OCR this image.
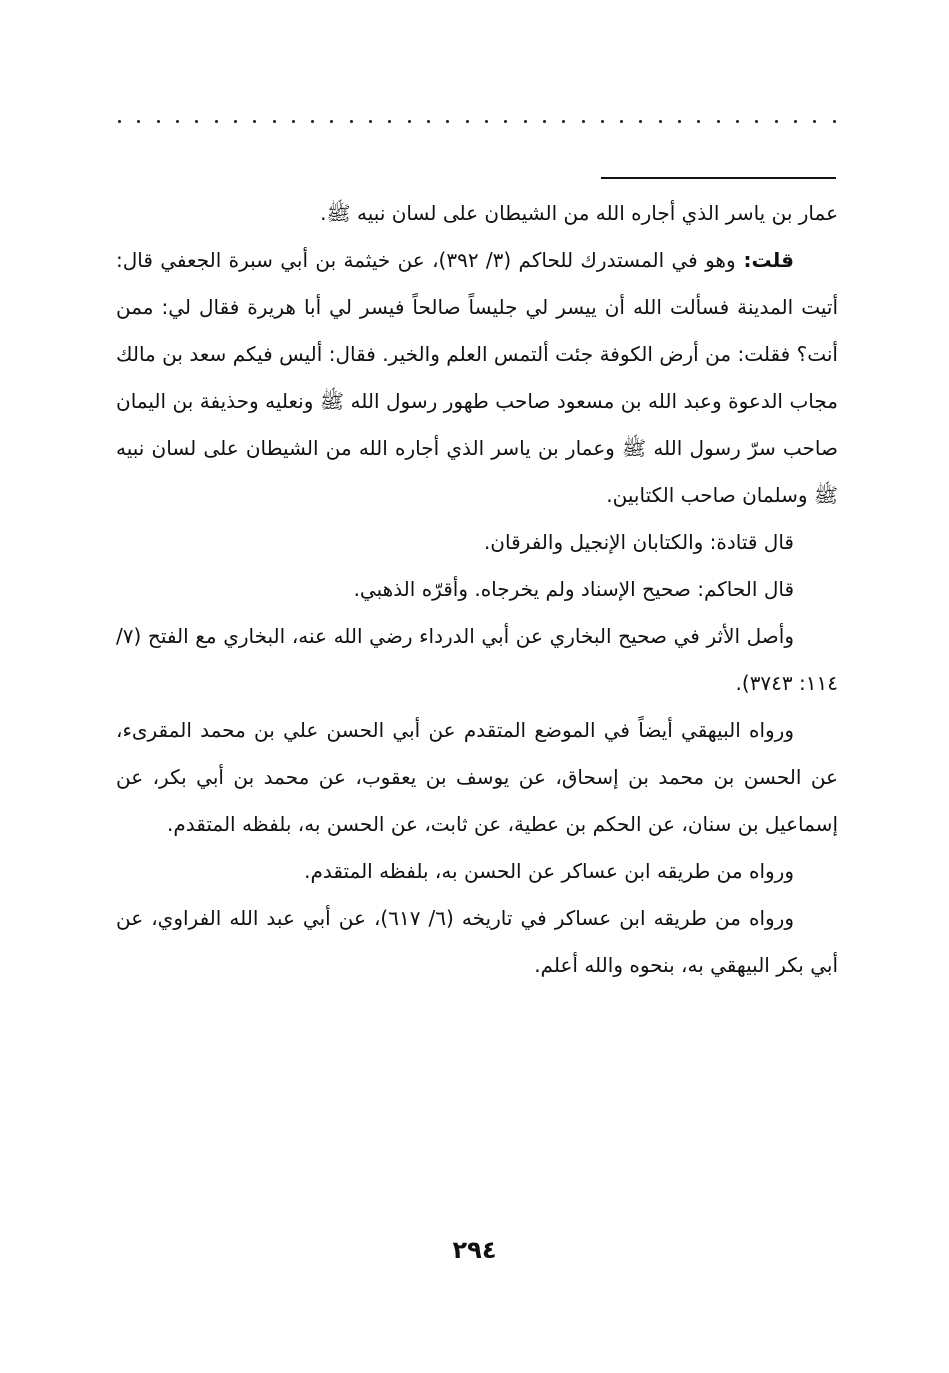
عمار بن ياسر الذي أجاره الله من الشيطان على لسان نبيه ﷺ.

قلت: وهو في المستدرك للحاكم (٣/ ٣٩٢)، عن خيثمة بن أبي سبرة الجعفي قال: أتيت المدينة فسألت الله أن ييسر لي جليساً صالحاً فيسر لي أبا هريرة فقال لي: ممن أنت؟ فقلت: من أرض الكوفة جئت ألتمس العلم والخير. فقال: أليس فيكم سعد بن مالك مجاب الدعوة وعبد الله بن مسعود صاحب طهور رسول الله ﷺ ونعليه وحذيفة بن اليمان صاحب سرّ رسول الله ﷺ وعمار بن ياسر الذي أجاره الله من الشيطان على لسان نبيه ﷺ وسلمان صاحب الكتابين.

قال قتادة: والكتابان الإنجيل والفرقان.

قال الحاكم: صحيح الإسناد ولم يخرجاه. وأقرّه الذهبي.

وأصل الأثر في صحيح البخاري عن أبي الدرداء رضي الله عنه، البخاري مع الفتح (٧/ ١١٤: ٣٧٤٣).

ورواه البيهقي أيضاً في الموضع المتقدم عن أبي الحسن علي بن محمد المقرىء، عن الحسن بن محمد بن إسحاق، عن يوسف بن يعقوب، عن محمد بن أبي بكر، عن إسماعيل بن سنان، عن الحكم بن عطية، عن ثابت، عن الحسن به، بلفظه المتقدم.

ورواه من طريقه ابن عساكر عن الحسن به، بلفظه المتقدم.

ورواه من طريقه ابن عساكر في تاريخه (٦/ ٦١٧)، عن أبي عبد الله الفراوي، عن أبي بكر البيهقي به، بنحوه والله أعلم.

٢٩٤
